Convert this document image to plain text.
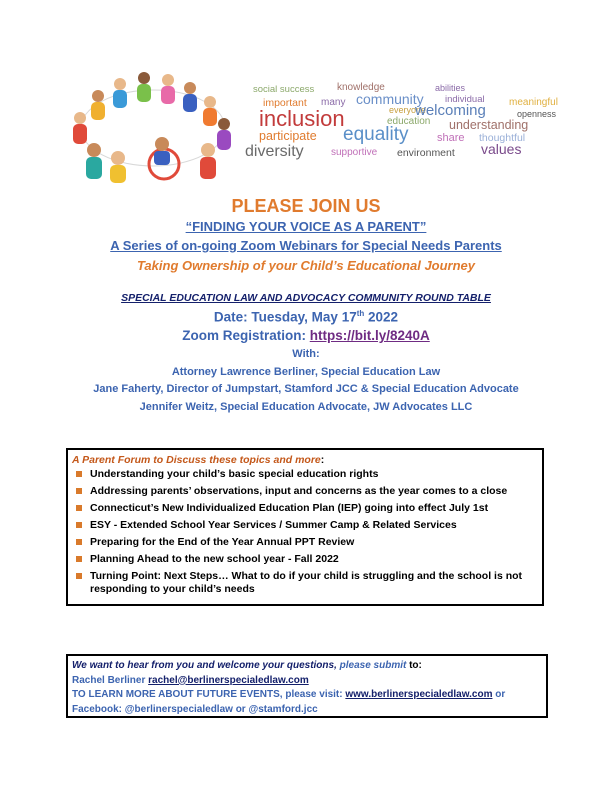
social success knowledge	abilities
important many community individual meaningful
everyone
inclusion	education
welcoming	openness
understanding
participate equality	share thoughtful
diversity	supportive environment values
PLEASE JOIN US
“FINDING YOUR VOICE AS A PARENT”
A Series of on-going Zoom Webinars for Special Needs Parents
Taking Ownership of your Child’s Educational Journey
SPECIAL EDUCATION LAW AND ADVOCACY COMMUNITY ROUND TABLE
Date: Tuesday, May 17th 2022
Zoom Registration: https://bit.ly/8240A
With:
Attorney Lawrence Berliner, Special Education Law
Jane Faherty, Director of Jumpstart, Stamford JCC & Special Education Advocate
Jennifer Weitz, Special Education Advocate, JW Advocates LLC
A Parent Forum to Discuss these topics and more:
Understanding your child’s basic special education rights
Addressing parents’ observations, input and concerns as the year comes to a close
Connecticut’s New Individualized Education Plan (IEP) going into effect July 1st
ESY - Extended School Year Services / Summer Camp & Related Services
Preparing for the End of the Year Annual PPT Review
Planning Ahead to the new school year - Fall 2022
Turning Point: Next Steps… What to do if your child is struggling and the school is not responding to your child’s needs
We want to hear from you and welcome your questions, please submit to:
Rachel Berliner rachel@berlinerspecialedlaw.com
TO LEARN MORE ABOUT FUTURE EVENTS, please visit: www.berlinerspecialedlaw.com or
Facebook: @berlinerspecialedlaw or @stamford.jcc
